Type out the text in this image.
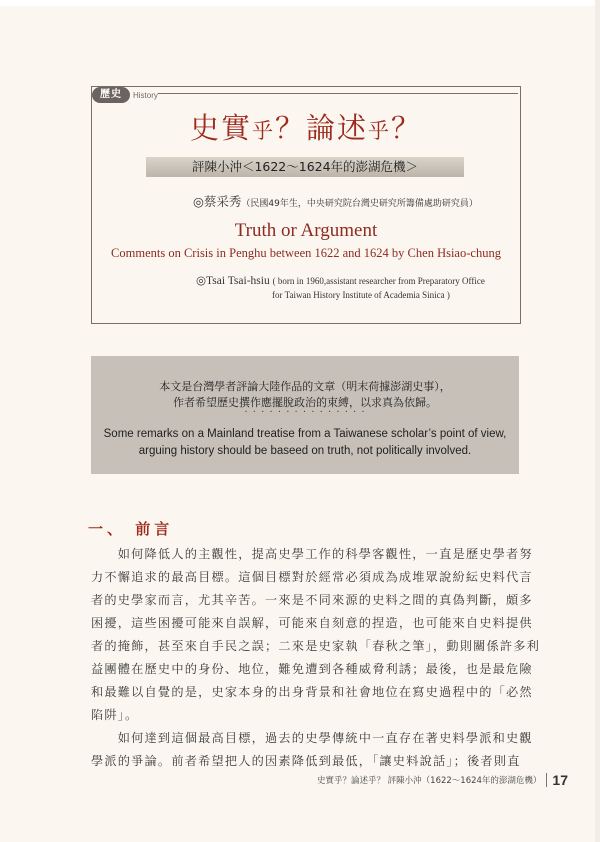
歷史	History
史實乎？論述乎？
評陳小沖＜1622～1624年的澎湖危機＞
◎蔡采秀（民國49年生，中央研究院台灣史研究所籌備處助研究員）
Truth or Argument
Comments on Crisis in Penghu between 1622 and 1624 by Chen Hsiao-chung
◎Tsai Tsai-hsiu ( born in 1960,assistant researcher from Preparatory Office
for Taiwan History Institute of Academia Sinica )
本文是台灣學者評論大陸作品的文章（明末荷據澎湖史事），
作者希望歷史撰作應擺脫政治的束縛，以求真為依歸。
· · · · · · · · · · · · · · ·
Some remarks on a Mainland treatise from a Taiwanese scholar’s point of view,
arguing history should be baseed on truth, not politically involved.
一、 前言
　　如何降低人的主觀性，提高史學工作的科學客觀性，一直是歷史學者努
力不懈追求的最高目標。這個目標對於經常必須成為成堆眾說紛紜史料代言
者的史學家而言，尤其辛苦。一來是不同來源的史料之間的真偽判斷，頗多
困擾，這些困擾可能來自誤解，可能來自刻意的捏造，也可能來自史料提供
者的掩飾，甚至來自手民之誤；二來是史家執「春秋之筆」，動則關係許多利
益團體在歷史中的身份、地位，難免遭到各種威脅利誘；最後，也是最危險
和最難以自覺的是，史家本身的出身背景和社會地位在寫史過程中的「必然
陷阱」。
　　如何達到這個最高目標，過去的史學傳統中一直存在著史料學派和史觀
學派的爭論。前者希望把人的因素降低到最低，「讓史料說話」；後者則直
史實乎？論述乎？ 評陳小沖（1622～1624年的澎湖危機） 17
